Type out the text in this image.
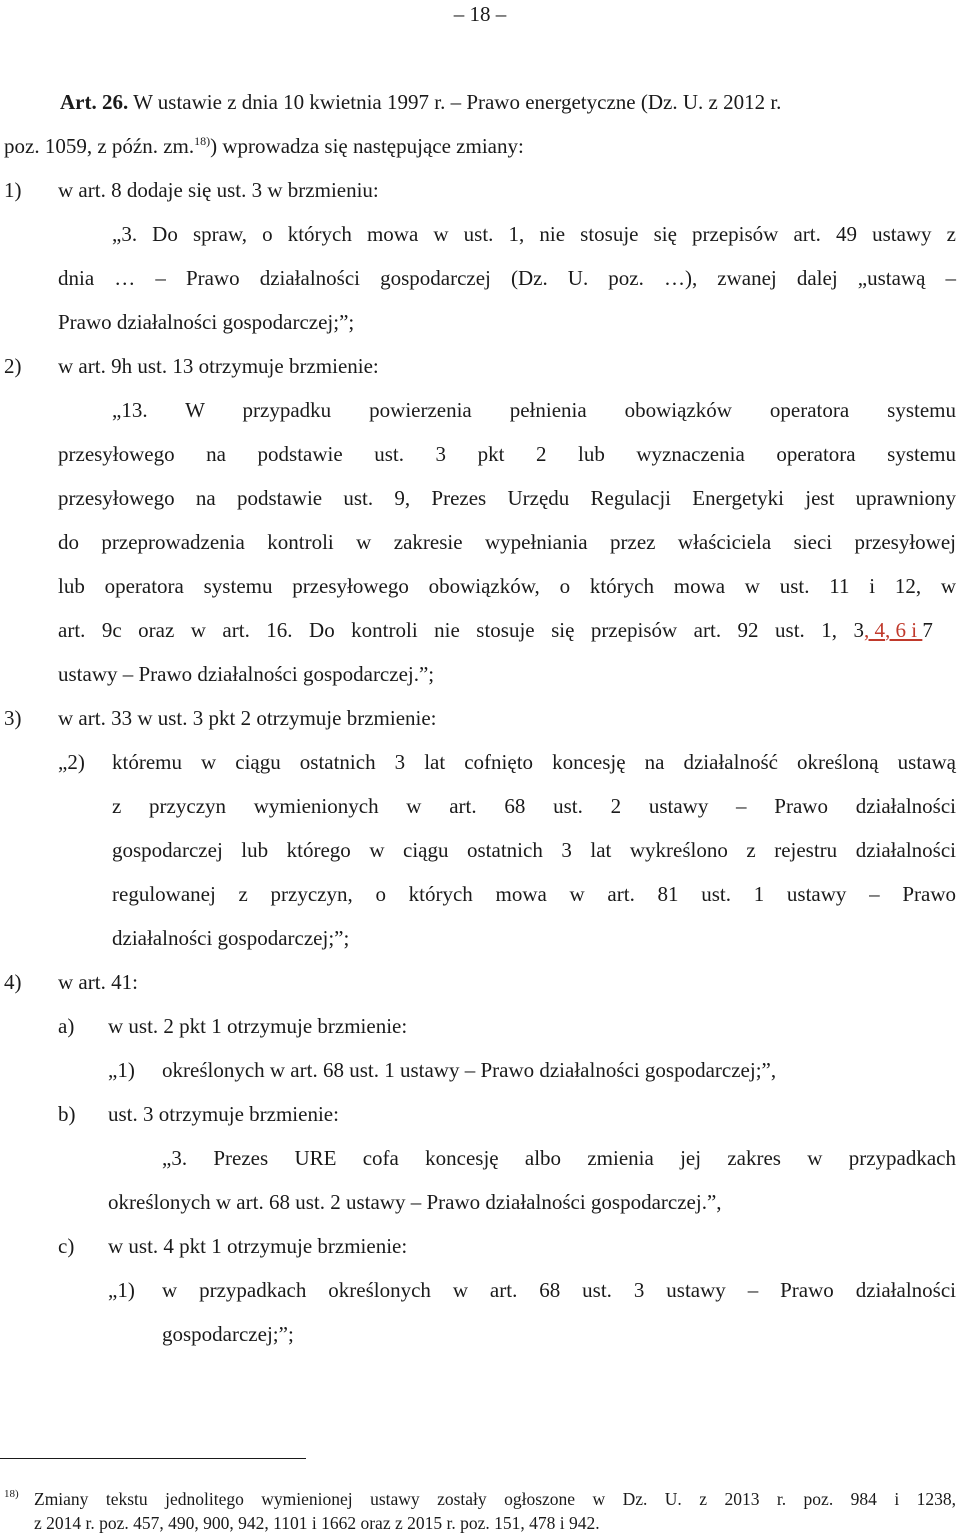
– 18 –
Art. 26. W ustawie z dnia 10 kwietnia 1997 r. – Prawo energetyczne (Dz. U. z 2012 r.
poz. 1059, z późn. zm.$^{18)}$) wprowadza się następujące zmiany:
1) w art. 8 dodaje się ust. 3 w brzmieniu:
„3. Do spraw, o których mowa w ust. 1, nie stosuje się przepisów art. 49 ustawy z
dnia … – Prawo działalności gospodarczej (Dz. U. poz. …), zwanej dalej „ustawą –
Prawo działalności gospodarczej;”;
2) w art. 9h ust. 13 otrzymuje brzmienie:
„13. W przypadku powierzenia pełnienia obowiązków operatora systemu
przesyłowego na podstawie ust. 3 pkt 2 lub wyznaczenia operatora systemu
przesyłowego na podstawie ust. 9, Prezes Urzędu Regulacji Energetyki jest uprawniony
do przeprowadzenia kontroli w zakresie wypełniania przez właściciela sieci przesyłowej
lub operatora systemu przesyłowego obowiązków, o których mowa w ust. 11 i 12, w
art. 9c oraz w art. 16. Do kontroli nie stosuje się przepisów art. 92 ust. 1, 3, 4, 6 i 7
ustawy – Prawo działalności gospodarczej.”;
3) w art. 33 w ust. 3 pkt 2 otrzymuje brzmienie:
„2) któremu w ciągu ostatnich 3 lat cofnięto koncesję na działalność określoną ustawą
z przyczyn wymienionych w art. 68 ust. 2 ustawy – Prawo działalności
gospodarczej lub którego w ciągu ostatnich 3 lat wykreślono z rejestru działalności
regulowanej z przyczyn, o których mowa w art. 81 ust. 1 ustawy – Prawo
działalności gospodarczej;”;
4) w art. 41:
a) w ust. 2 pkt 1 otrzymuje brzmienie:
„1) określonych w art. 68 ust. 1 ustawy – Prawo działalności gospodarczej;”,
b) ust. 3 otrzymuje brzmienie:
„3. Prezes URE cofa koncesję albo zmienia jej zakres w przypadkach
określonych w art. 68 ust. 2 ustawy – Prawo działalności gospodarczej.”,
c) w ust. 4 pkt 1 otrzymuje brzmienie:
„1) w przypadkach określonych w art. 68 ust. 3 ustawy – Prawo działalności
gospodarczej;”;
18) Zmiany tekstu jednolitego wymienionej ustawy zostały ogłoszone w Dz. U. z 2013 r. poz. 984 i 1238,
z 2014 r. poz. 457, 490, 900, 942, 1101 i 1662 oraz z 2015 r. poz. 151, 478 i 942.
